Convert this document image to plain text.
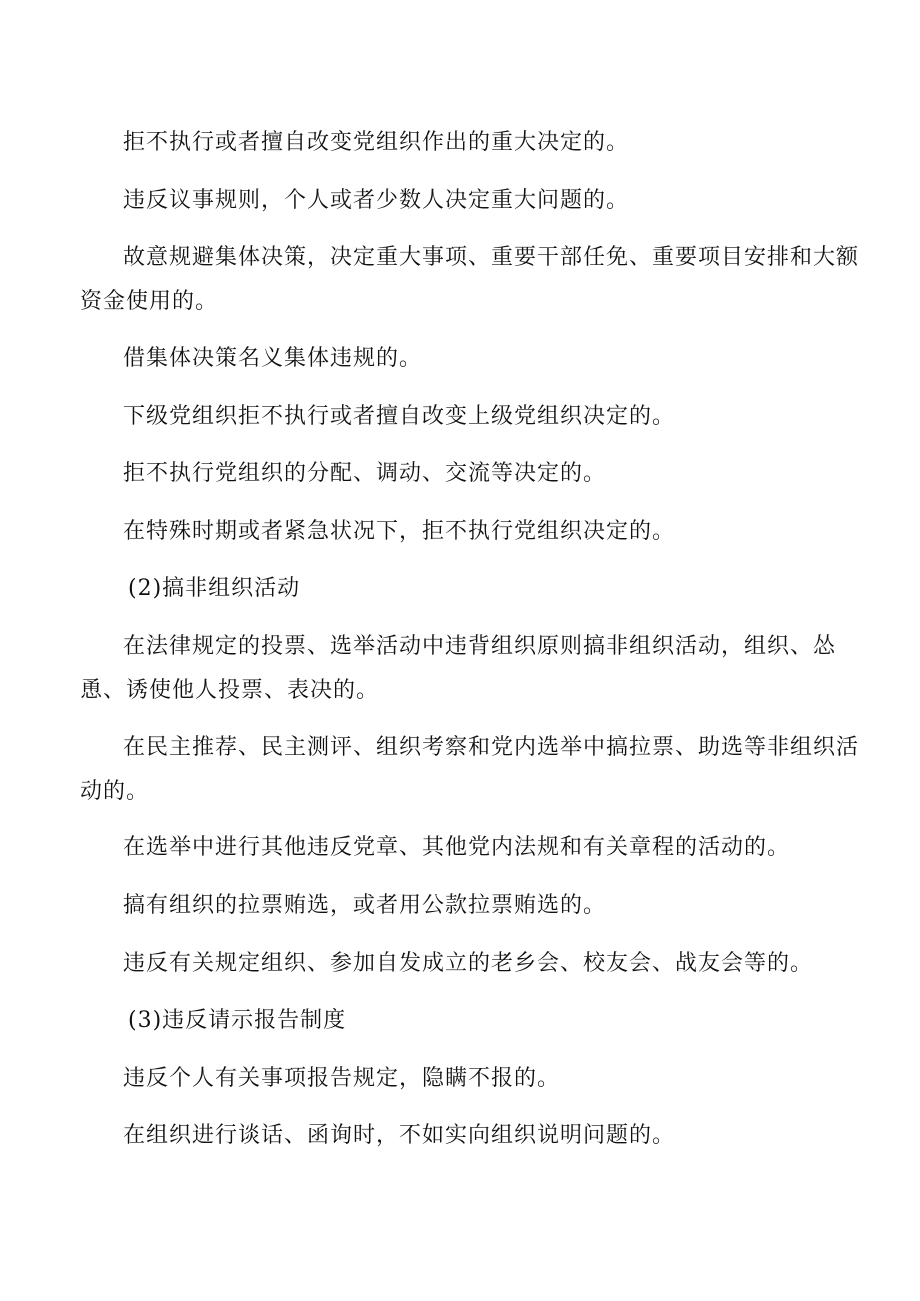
拒不执行或者擅自改变党组织作出的重大决定的。

违反议事规则，个人或者少数人决定重大问题的。

故意规避集体决策，决定重大事项、重要干部任免、重要项目安排和大额
资金使用的。

借集体决策名义集体违规的。

下级党组织拒不执行或者擅自改变上级党组织决定的。

拒不执行党组织的分配、调动、交流等决定的。

在特殊时期或者紧急状况下，拒不执行党组织决定的。

(2)搞非组织活动

在法律规定的投票、选举活动中违背组织原则搞非组织活动，组织、怂
恿、诱使他人投票、表决的。

在民主推荐、民主测评、组织考察和党内选举中搞拉票、助选等非组织活
动的。

在选举中进行其他违反党章、其他党内法规和有关章程的活动的。

搞有组织的拉票贿选，或者用公款拉票贿选的。

违反有关规定组织、参加自发成立的老乡会、校友会、战友会等的。

(3)违反请示报告制度

违反个人有关事项报告规定，隐瞒不报的。

在组织进行谈话、函询时，不如实向组织说明问题的。
